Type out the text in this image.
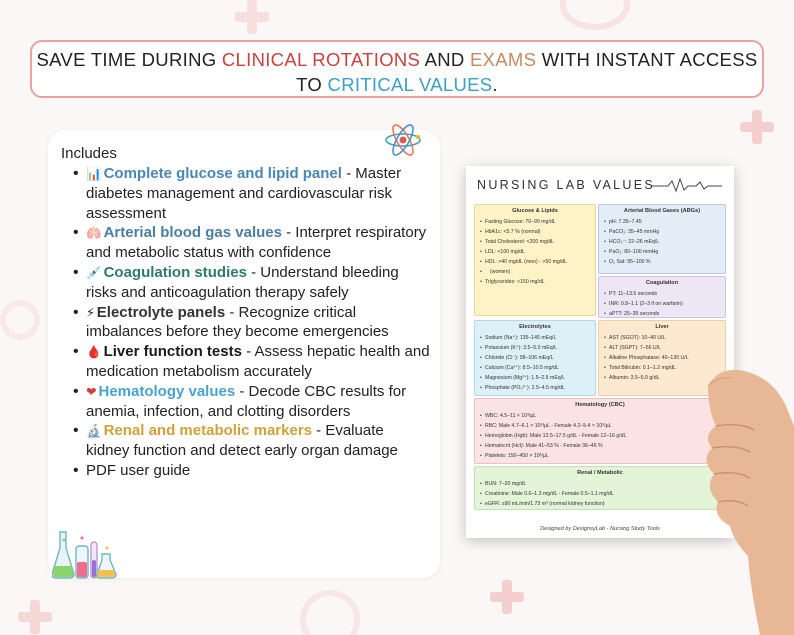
SAVE TIME DURING CLINICAL ROTATIONS AND EXAMS WITH INSTANT ACCESS TO CRITICAL VALUES.
Includes
• 📊 Complete glucose and lipid panel - Master diabetes management and cardiovascular risk assessment
• 🫁 Arterial blood gas values - Interpret respiratory and metabolic status with confidence
• 💉 Coagulation studies - Understand bleeding risks and anticoagulation therapy safely
• ⚡ Electrolyte panels - Recognize critical imbalances before they become emergencies
• 🩸 Liver function tests - Assess hepatic health and medication metabolism accurately
• ❤ Hematology values - Decode CBC results for anemia, infection, and clotting disorders
• 🔬 Renal and metabolic markers - Evaluate kidney function and detect early organ damage
• PDF user guide
NURSING LAB VALUES
Glucose & Lipids
• Fasting Glucose: 70–99 mg/dL
• HbA1c: <5.7 % (normal)
• Total Cholesterol: <200 mg/dL
• LDL: <100 mg/dL
• HDL: >40 mg/dL (men) - >50 mg/dL
• (women)
• Triglycerides: <150 mg/dL
Arterial Blood Gases (ABGs)
• pH: 7.35–7.45
• PaCO₂: 35–45 mmHg
• HCO₃⁻: 22–26 mEq/L
• PaO₂: 80–100 mmHg
• O₂ Sat: 95–100 %
Coagulation
• PT: 11–13.5 seconds
• INR: 0.8–1.1 (2–3 if on warfarin)
• aPTT: 25–35 seconds
Electrolytes
• Sodium (Na⁺): 135–145 mEq/L
• Potassium (K⁺): 3.5–5.0 mEq/L
• Chloride (Cl⁻): 98–106 mEq/L
• Calcium (Ca²⁺): 8.5–10.5 mg/dL
• Magnesium (Mg²⁺): 1.5–2.5 mEq/L
• Phosphate (PO₄³⁻): 2.5–4.5 mg/dL
Liver
• AST (SGOT): 10–40 U/L
• ALT (SGPT): 7–56 U/L
• Alkaline Phosphatase: 40–130 U/L
• Total Bilirubin: 0.1–1.2 mg/dL
• Albumin: 3.5–5.0 g/dL
Hematology (CBC)
• WBC: 4.5–11 × 10³/µL
• RBC: Male 4.7–6.1 × 10⁶/µL - Female 4.2–5.4 × 10⁶/µL
• Hemoglobin (Hgb): Male 13.5–17.5 g/dL - Female 12–16 g/dL
• Hematocrit (Hct): Male 41–53 % - Female 36–46 %
• Platelets: 150–450 × 10³/µL
Renal / Metabolic
• BUN: 7–20 mg/dL
• Creatinine: Male 0.6–1.3 mg/dL - Female 0.5–1.1 mg/dL
• eGFR: ≥90 mL/min/1.73 m² (normal kidney function)
Designed by DesignsyLab - Nursing Study Tools
